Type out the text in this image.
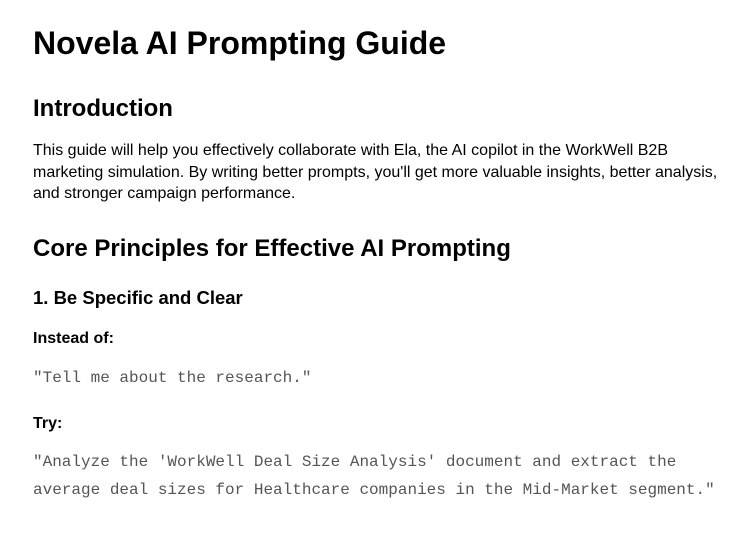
Novela AI Prompting Guide
Introduction

This guide will help you effectively collaborate with Ela, the AI copilot in the WorkWell B2B marketing simulation. By writing better prompts, you'll get more valuable insights, better analysis, and stronger campaign performance.

Core Principles for Effective AI Prompting
1. Be Specific and Clear
Instead of:
"Tell me about the research."
Try:
"Analyze the 'WorkWell Deal Size Analysis' document and extract the average deal sizes for Healthcare companies in the Mid-Market segment."
